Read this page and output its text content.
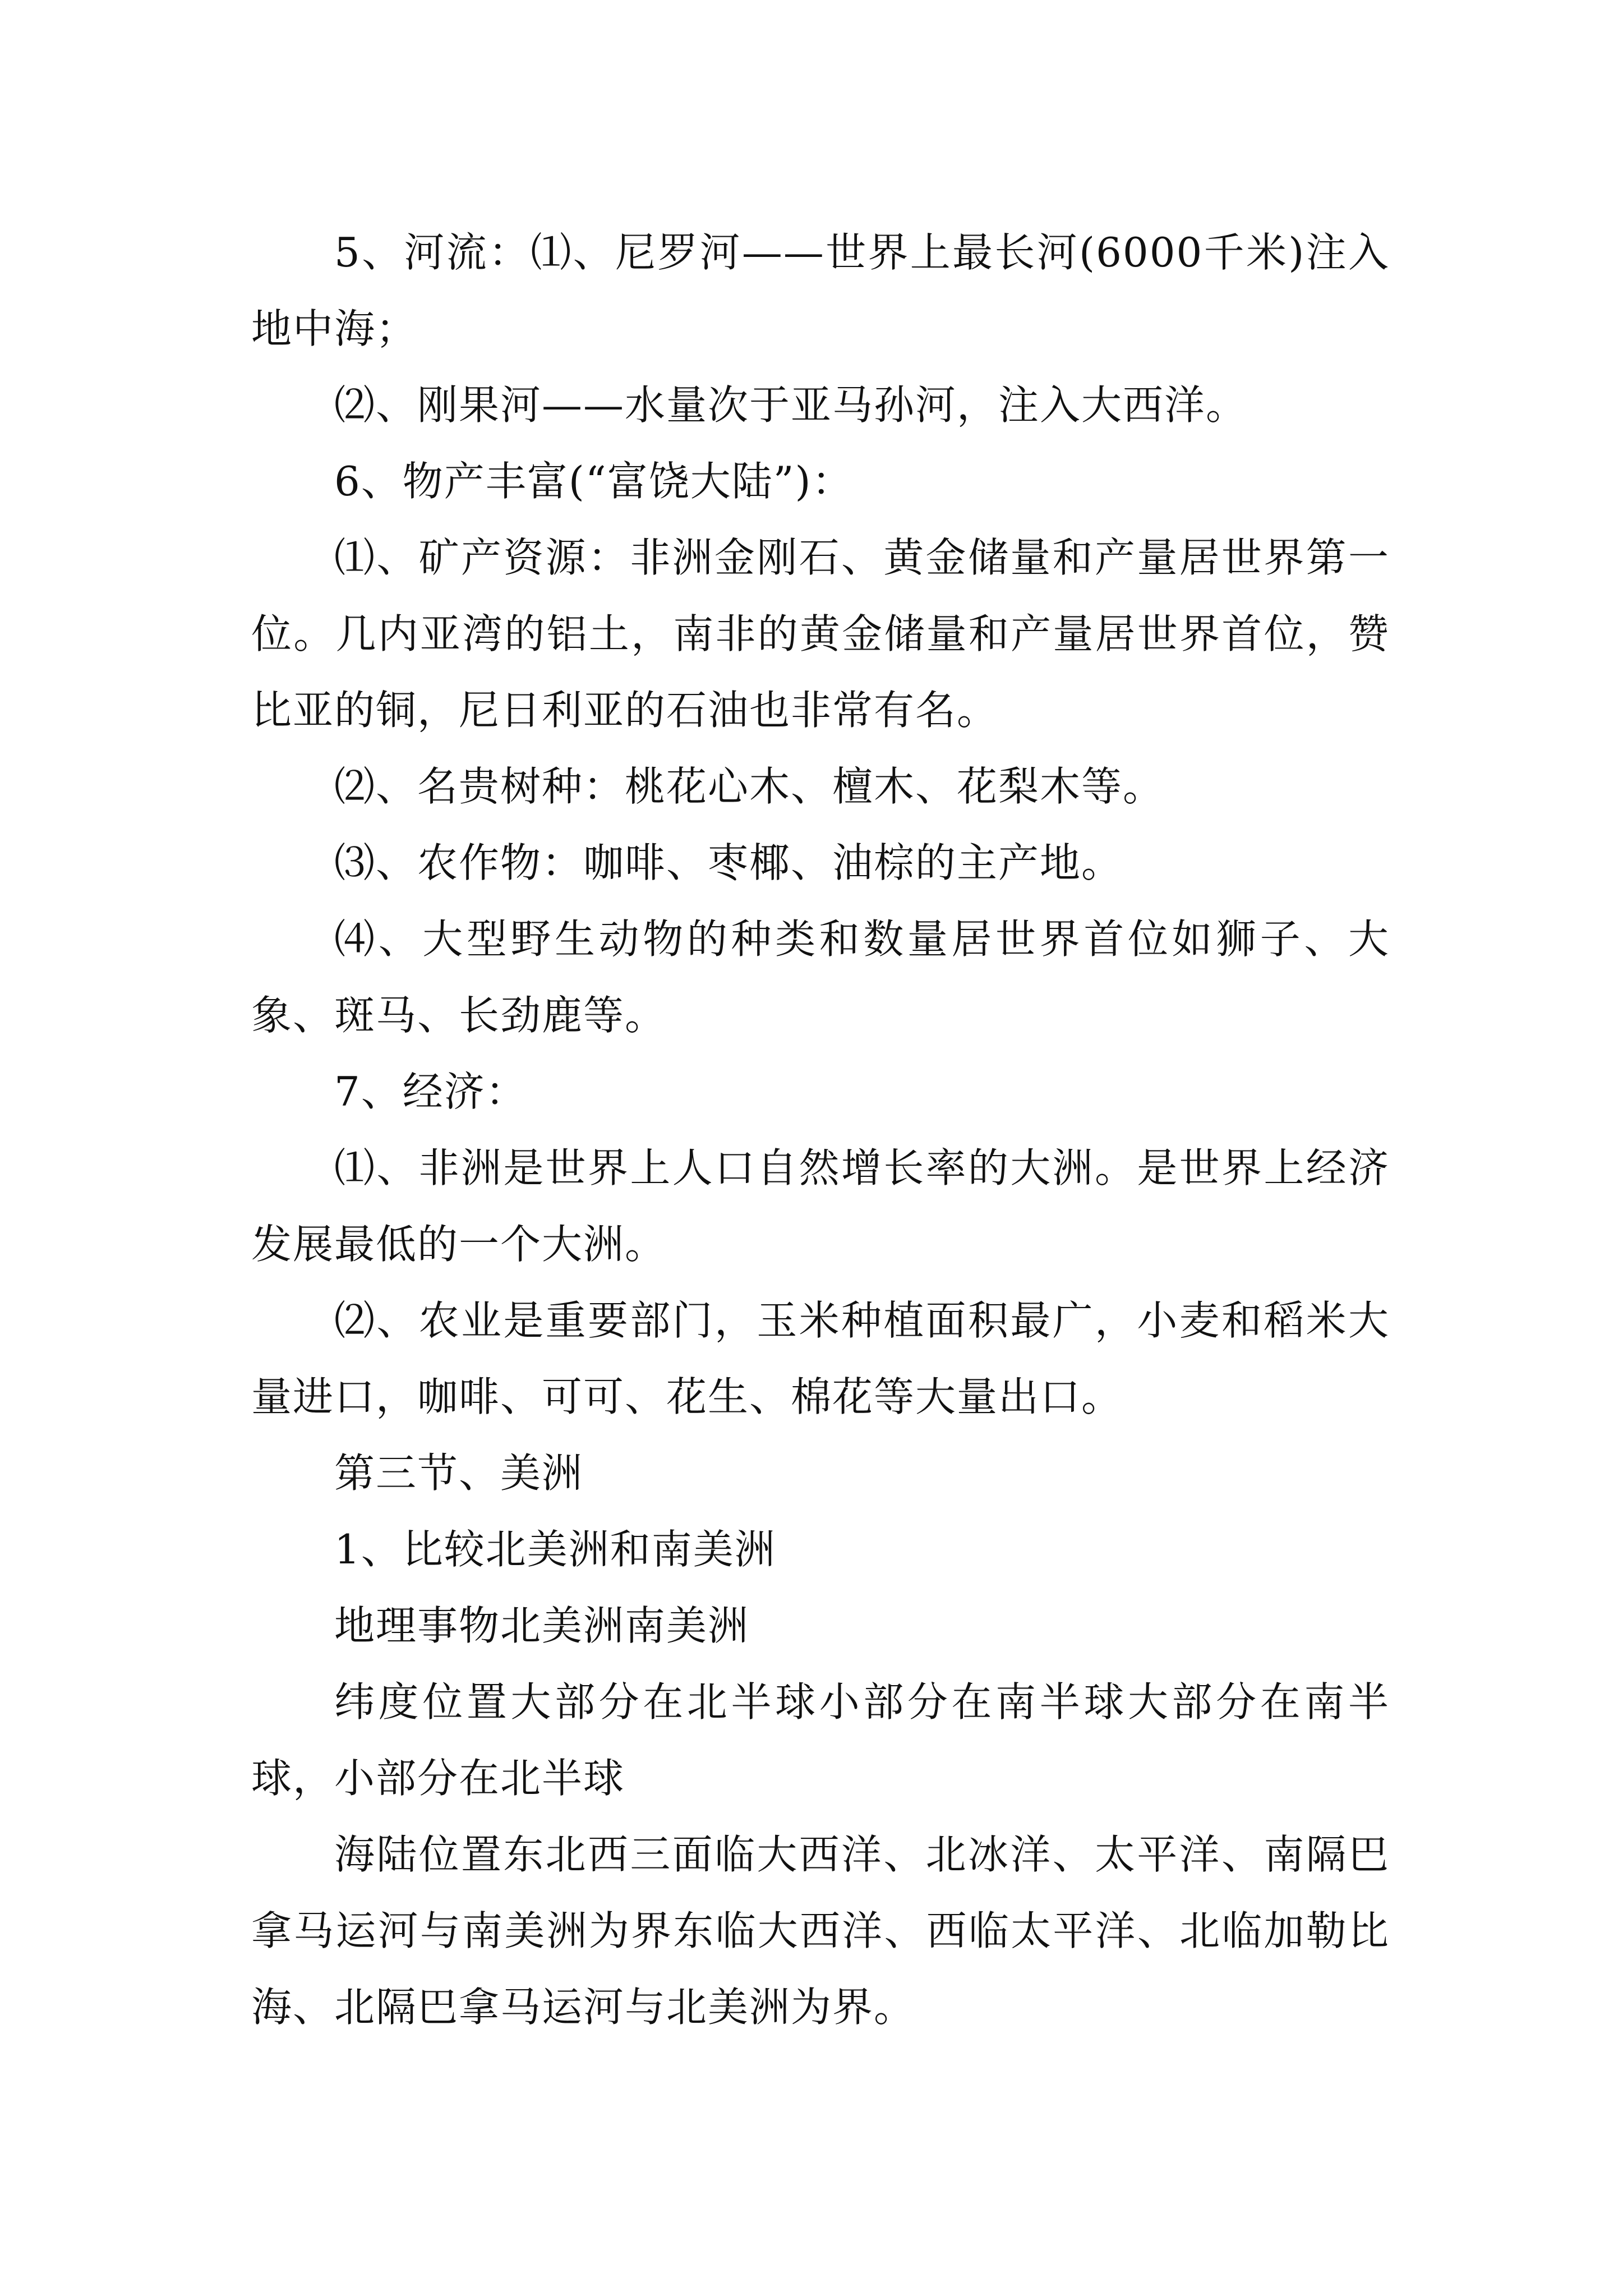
5、河流：⑴、尼罗河——世界上最长河(6000千米)注入地中海；

⑵、刚果河——水量次于亚马孙河，注入大西洋。

6、物产丰富(“富饶大陆”)：

⑴、矿产资源：非洲金刚石、黄金储量和产量居世界第一位。几内亚湾的铝土，南非的黄金储量和产量居世界首位，赞比亚的铜，尼日利亚的石油也非常有名。

⑵、名贵树种：桃花心木、檀木、花梨木等。

⑶、农作物：咖啡、枣椰、油棕的主产地。

⑷、大型野生动物的种类和数量居世界首位如狮子、大象、斑马、长劲鹿等。

7、经济：

⑴、非洲是世界上人口自然增长率的大洲。是世界上经济发展最低的一个大洲。

⑵、农业是重要部门，玉米种植面积最广，小麦和稻米大量进口，咖啡、可可、花生、棉花等大量出口。

第三节、美洲

1、比较北美洲和南美洲

地理事物北美洲南美洲

纬度位置大部分在北半球小部分在南半球大部分在南半球，小部分在北半球

海陆位置东北西三面临大西洋、北冰洋、太平洋、南隔巴拿马运河与南美洲为界东临大西洋、西临太平洋、北临加勒比海、北隔巴拿马运河与北美洲为界。
